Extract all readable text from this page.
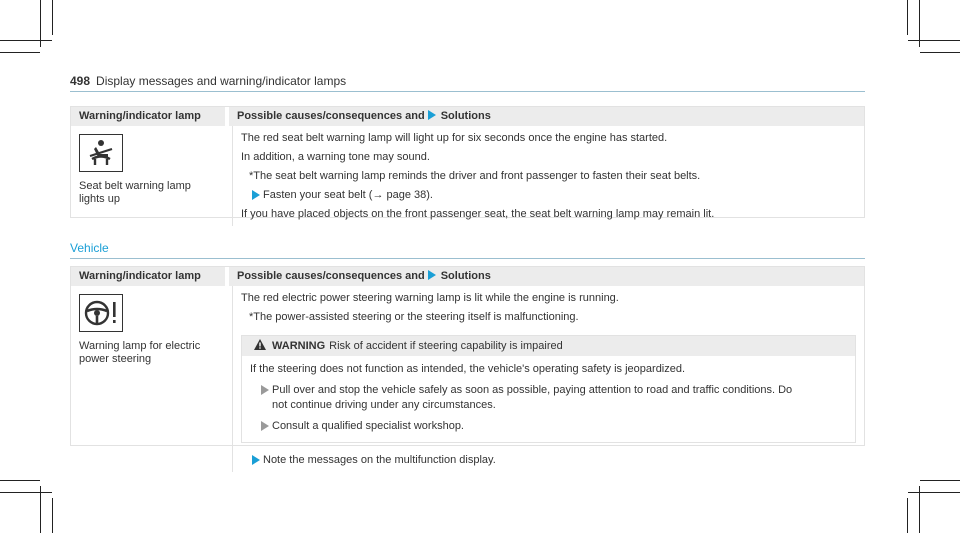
498 Display messages and warning/indicator lamps
Warning/indicator lamp	Possible causes/consequences and Solutions
Seat belt warning lamp
lights up
The red seat belt warning lamp will light up for six seconds once the engine has started.
In addition, a warning tone may sound.
*The seat belt warning lamp reminds the driver and front passenger to fasten their seat belts.
Fasten your seat belt (→ page 38).
If you have placed objects on the front passenger seat, the seat belt warning lamp may remain lit.
Vehicle
Warning/indicator lamp	Possible causes/consequences and Solutions
Warning lamp for electric
power steering
The red electric power steering warning lamp is lit while the engine is running.
*The power-assisted steering or the steering itself is malfunctioning.
WARNING Risk of accident if steering capability is impaired
If the steering does not function as intended, the vehicle's operating safety is jeopardized.
Pull over and stop the vehicle safely as soon as possible, paying attention to road and traffic conditions. Do
not continue driving under any circumstances.
Consult a qualified specialist workshop.
Note the messages on the multifunction display.
